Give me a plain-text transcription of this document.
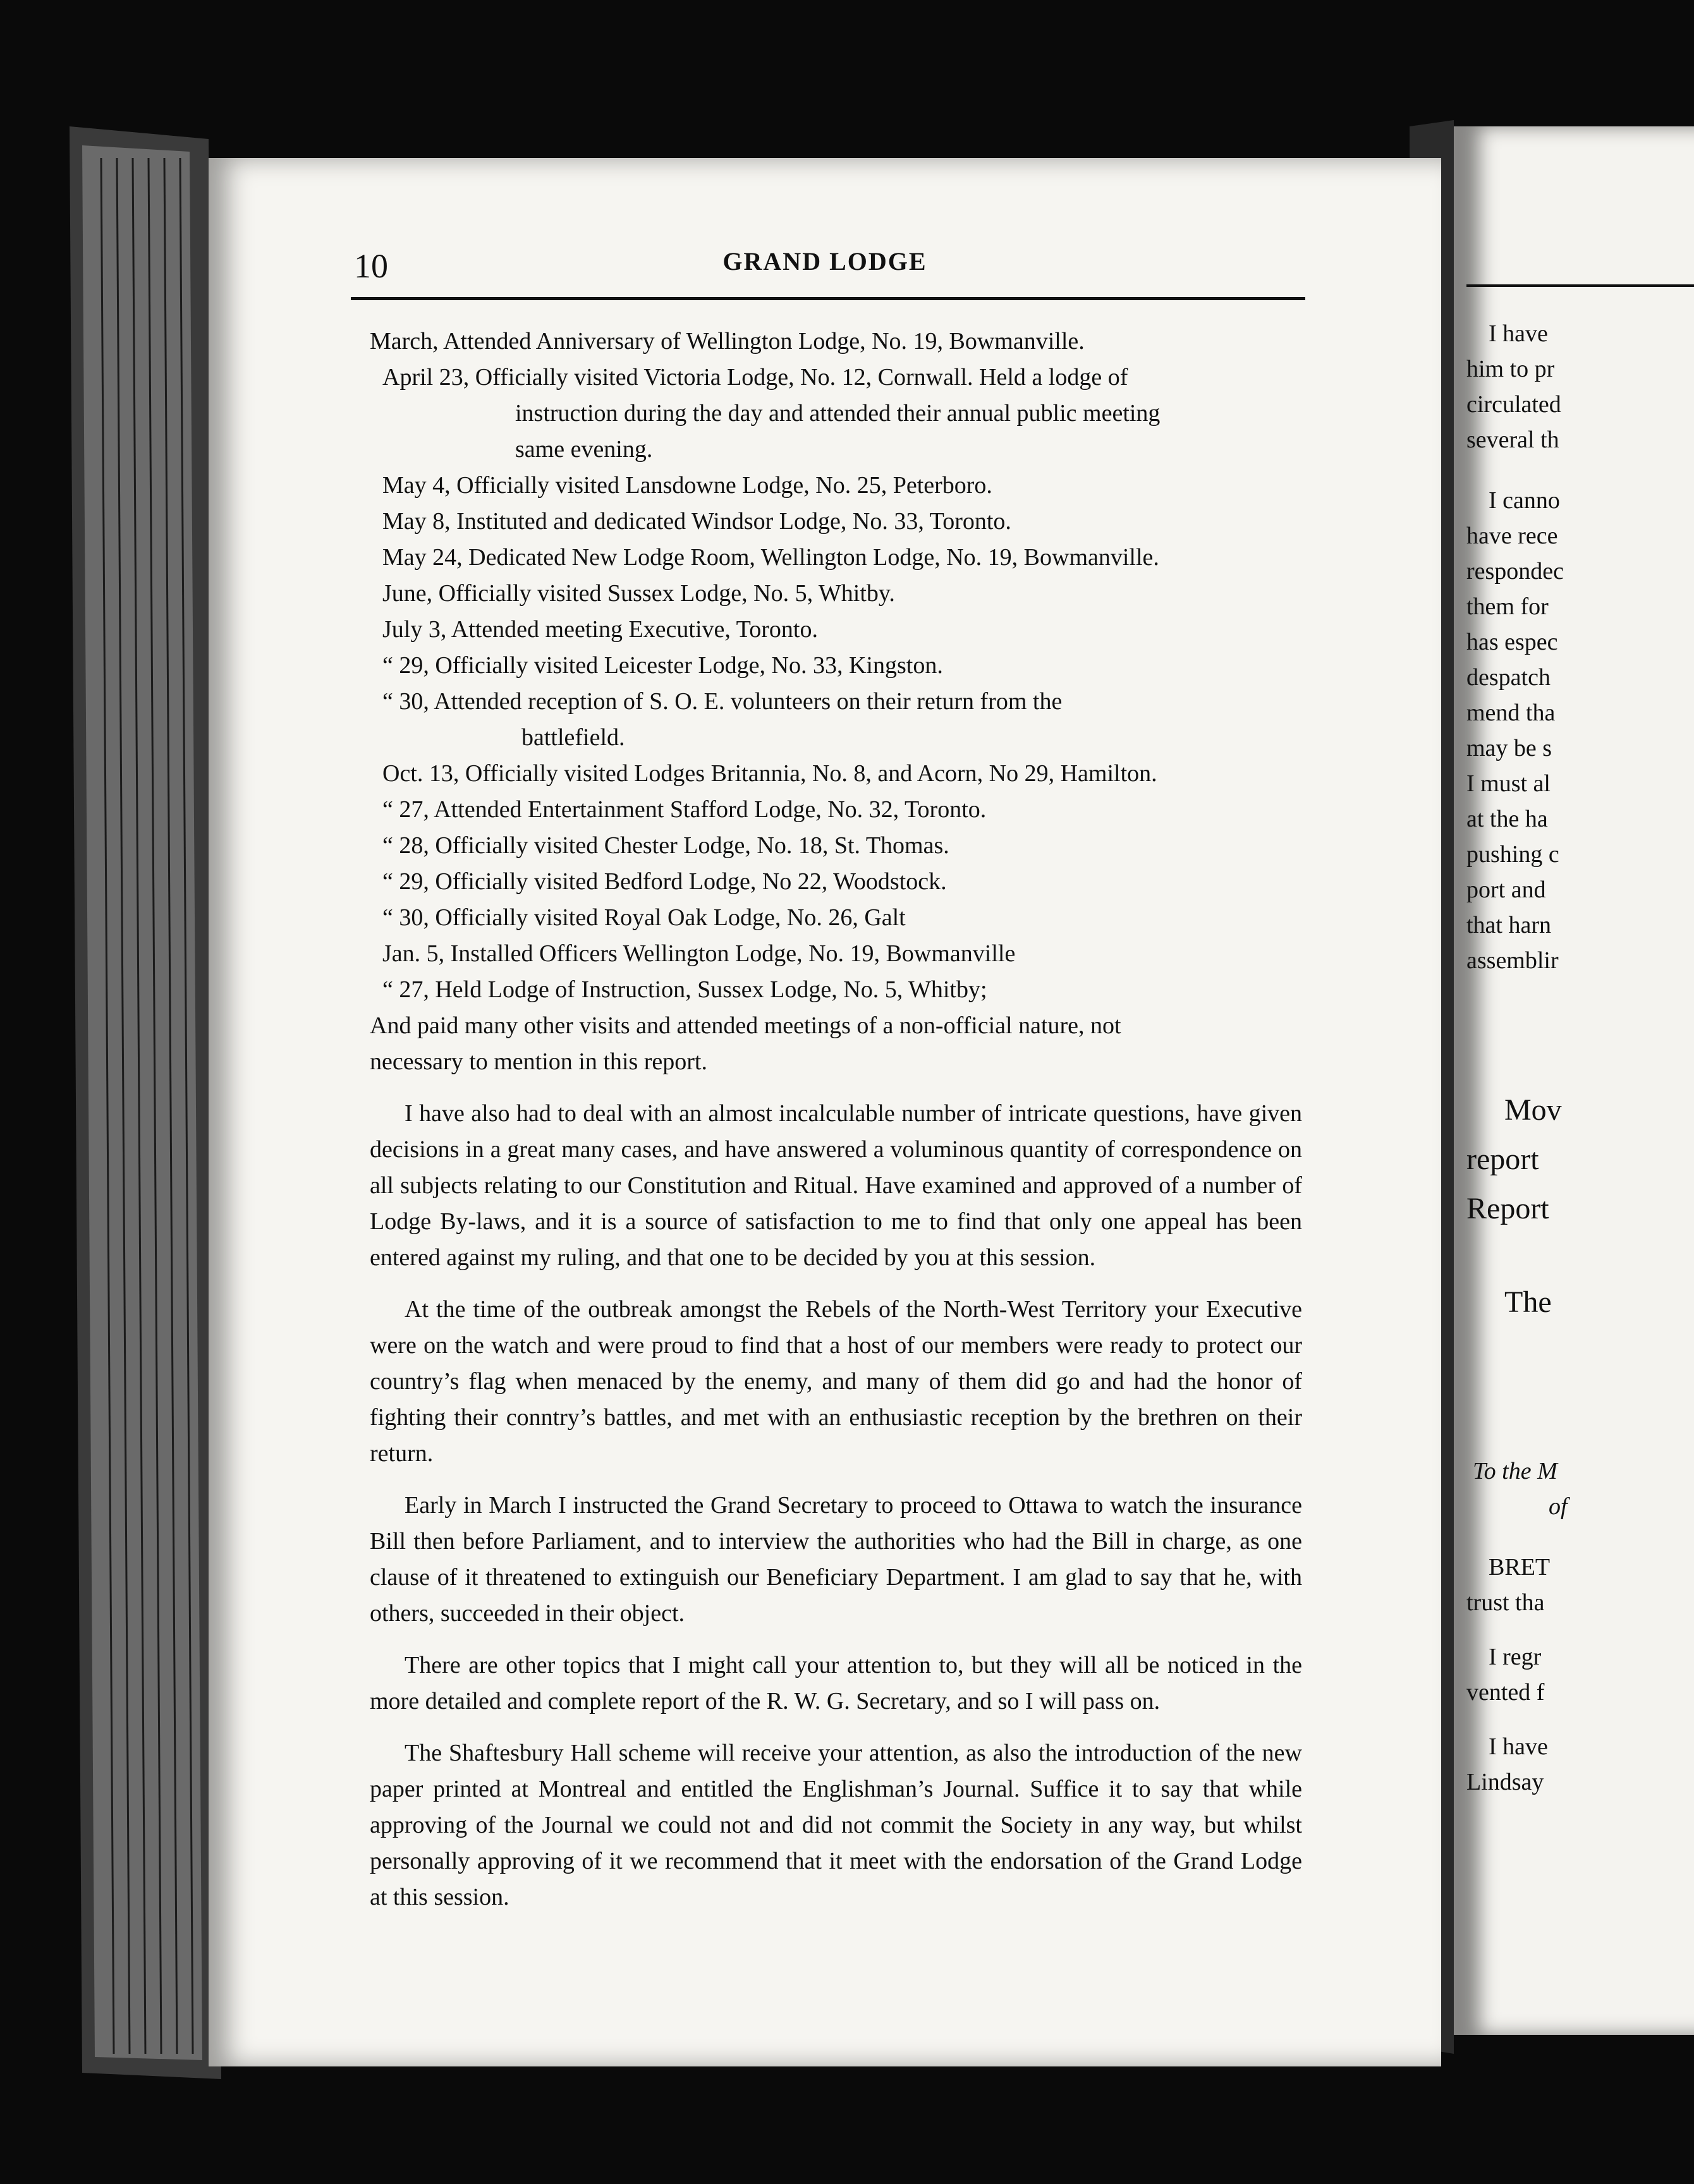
10	GRAND LODGE
March, Attended Anniversary of Wellington Lodge, No. 19, Bowmanville.
April 23, Officially visited Victoria Lodge, No. 12, Cornwall. Held a lodge of
instruction during the day and attended their annual public meeting
same evening.
May 4, Officially visited Lansdowne Lodge, No. 25, Peterboro.
May 8, Instituted and dedicated Windsor Lodge, No. 33, Toronto.
May 24, Dedicated New Lodge Room, Wellington Lodge, No. 19, Bowmanville.
June, Officially visited Sussex Lodge, No. 5, Whitby.
July 3, Attended meeting Executive, Toronto.
“ 29, Officially visited Leicester Lodge, No. 33, Kingston.
“ 30, Attended reception of S. O. E. volunteers on their return from the
battlefield.
Oct. 13, Officially visited Lodges Britannia, No. 8, and Acorn, No 29, Hamilton.
“ 27, Attended Entertainment Stafford Lodge, No. 32, Toronto.
“ 28, Officially visited Chester Lodge, No. 18, St. Thomas.
“ 29, Officially visited Bedford Lodge, No 22, Woodstock.
“ 30, Officially visited Royal Oak Lodge, No. 26, Galt
Jan. 5, Installed Officers Wellington Lodge, No. 19, Bowmanville
“ 27, Held Lodge of Instruction, Sussex Lodge, No. 5, Whitby;
And paid many other visits and attended meetings of a non-official nature, not
necessary to mention in this report.

I have also had to deal with an almost incalculable number of intricate questions, have given decisions in a great many cases, and have answered a voluminous quantity of correspondence on all subjects relating to our Constitution and Ritual. Have examined and approved of a number of Lodge By-laws, and it is a source of satisfaction to me to find that only one appeal has been entered against my ruling, and that one to be decided by you at this session.

At the time of the outbreak amongst the Rebels of the North-West Territory your Executive were on the watch and were proud to find that a host of our members were ready to protect our country’s flag when menaced by the enemy, and many of them did go and had the honor of fighting their conntry’s battles, and met with an enthusiastic reception by the brethren on their return.

Early in March I instructed the Grand Secretary to proceed to Ottawa to watch the insurance Bill then before Parliament, and to interview the authorities who had the Bill in charge, as one clause of it threatened to extinguish our Beneficiary Department. I am glad to say that he, with others, succeeded in their object.

There are other topics that I might call your attention to, but they will all be noticed in the more detailed and complete report of the R. W. G. Secretary, and so I will pass on.

The Shaftesbury Hall scheme will receive your attention, as also the introduction of the new paper printed at Montreal and entitled the Englishman’s Journal. Suffice it to say that while approving of the Journal we could not and did not commit the Society in any way, but whilst personally approving of it we recommend that it meet with the endorsation of the Grand Lodge at this session.

I have
him to pr
circulated
several th
I canno
have rece
respondec
them for
has espec
despatch
mend tha
may be s
I must al
at the ha
pushing c
port and
that harn
assemblir
Mov
report
Report
The
To the M
of
BRET
trust tha
I regr
vented f
I have
Lindsay
